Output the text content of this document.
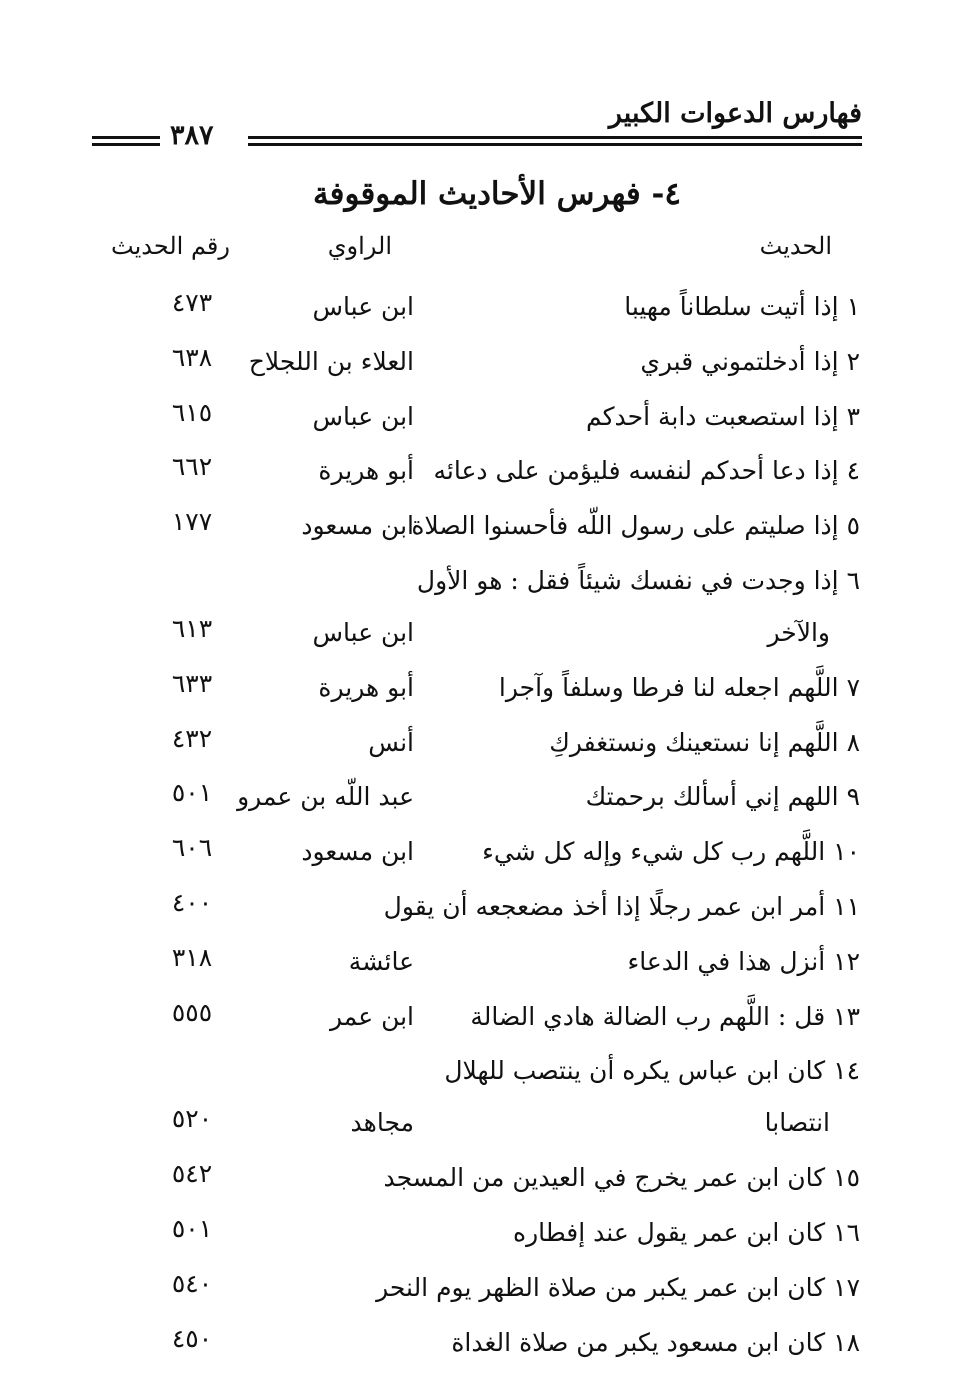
فهارس الدعوات الكبير
٣٨٧
٤- فهرس الأحاديث الموقوفة
الحديث
الراوي
رقم الحديث
١ إذا أتيت سلطاناً مهيبا
ابن عباس
٤٧٣
٢ إذا أدخلتموني قبري
العلاء بن اللجلاح
٦٣٨
٣ إذا استصعبت دابة أحدكم
ابن عباس
٦١٥
٤ إذا دعا أحدكم لنفسه فليؤمن على دعائه
أبو هريرة
٦٦٢
٥ إذا صليتم على رسول اللّه فأحسنوا الصلاة
ابن مسعود
١٧٧
٦ إذا وجدت في نفسك شيئاً فقل : هو الأول
والآخر
ابن عباس
٦١٣
٧ اللَّهم اجعله لنا فرطا وسلفاً وآجرا
أبو هريرة
٦٣٣
٨ اللَّهم إنا نستعينك ونستغفركِ
أنس
٤٣٢
٩ اللهم إني أسألك برحمتك
عبد اللّه بن عمرو
٥٠١
١٠ اللَّهم رب كل شيء وإله كل شيء
ابن مسعود
٦٠٦
١١ أمر ابن عمر رجلًا إذا أخذ مضعجعه أن يقول
٤٠٠
١٢ أنزل هذا في الدعاء
عائشة
٣١٨
١٣ قل : اللَّهم رب الضالة هادي الضالة
ابن عمر
٥٥٥
١٤ كان ابن عباس يكره أن ينتصب للهلال
انتصابا
مجاهد
٥٢٠
١٥ كان ابن عمر يخرج في العيدين من المسجد
٥٤٢
١٦ كان ابن عمر يقول عند إفطاره
٥٠١
١٧ كان ابن عمر يكبر من صلاة الظهر يوم النحر
٥٤٠
١٨ كان ابن مسعود يكبر من صلاة الغداة
٤٥٠
